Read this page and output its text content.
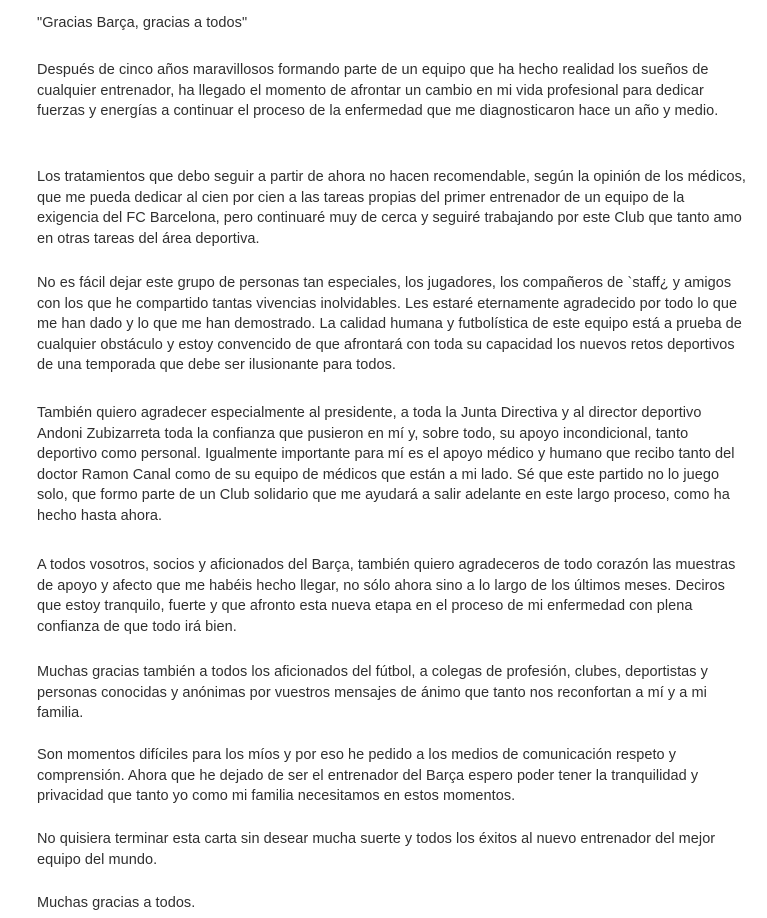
"Gracias Barça, gracias a todos"

Después de cinco años maravillosos formando parte de un equipo que ha hecho realidad los sueños de cualquier entrenador, ha llegado el momento de afrontar un cambio en mi vida profesional para dedicar fuerzas y energías a continuar el proceso de la enfermedad que me diagnosticaron hace un año y medio.

Los tratamientos que debo seguir a partir de ahora no hacen recomendable, según la opinión de los médicos, que me pueda dedicar al cien por cien a las tareas propias del primer entrenador de un equipo de la exigencia del FC Barcelona, pero continuaré muy de cerca y seguiré trabajando por este Club que tanto amo en otras tareas del área deportiva.

No es fácil dejar este grupo de personas tan especiales, los jugadores, los compañeros de `staff¿ y amigos con los que he compartido tantas vivencias inolvidables. Les estaré eternamente agradecido por todo lo que me han dado y lo que me han demostrado. La calidad humana y futbolística de este equipo está a prueba de cualquier obstáculo y estoy convencido de que afrontará con toda su capacidad los nuevos retos deportivos de una temporada que debe ser ilusionante para todos.

También quiero agradecer especialmente al presidente, a toda la Junta Directiva y al director deportivo Andoni Zubizarreta toda la confianza que pusieron en mí y, sobre todo, su apoyo incondicional, tanto deportivo como personal. Igualmente importante para mí es el apoyo médico y humano que recibo tanto del doctor Ramon Canal como de su equipo de médicos que están a mi lado. Sé que este partido no lo juego solo, que formo parte de un Club solidario que me ayudará a salir adelante en este largo proceso, como ha hecho hasta ahora.

A todos vosotros, socios y aficionados del Barça, también quiero agradeceros de todo corazón las muestras de apoyo y afecto que me habéis hecho llegar, no sólo ahora sino a lo largo de los últimos meses. Deciros que estoy tranquilo, fuerte y que afronto esta nueva etapa en el proceso de mi enfermedad con plena confianza de que todo irá bien.

Muchas gracias también a todos los aficionados del fútbol, a colegas de profesión, clubes, deportistas y personas conocidas y anónimas por vuestros mensajes de ánimo que tanto nos reconfortan a mí y a mi familia.

Son momentos difíciles para los míos y por eso he pedido a los medios de comunicación respeto y comprensión. Ahora que he dejado de ser el entrenador del Barça espero poder tener la tranquilidad y privacidad que tanto yo como mi familia necesitamos en estos momentos.

No quisiera terminar esta carta sin desear mucha suerte y todos los éxitos al nuevo entrenador del mejor equipo del mundo.

Muchas gracias a todos.
